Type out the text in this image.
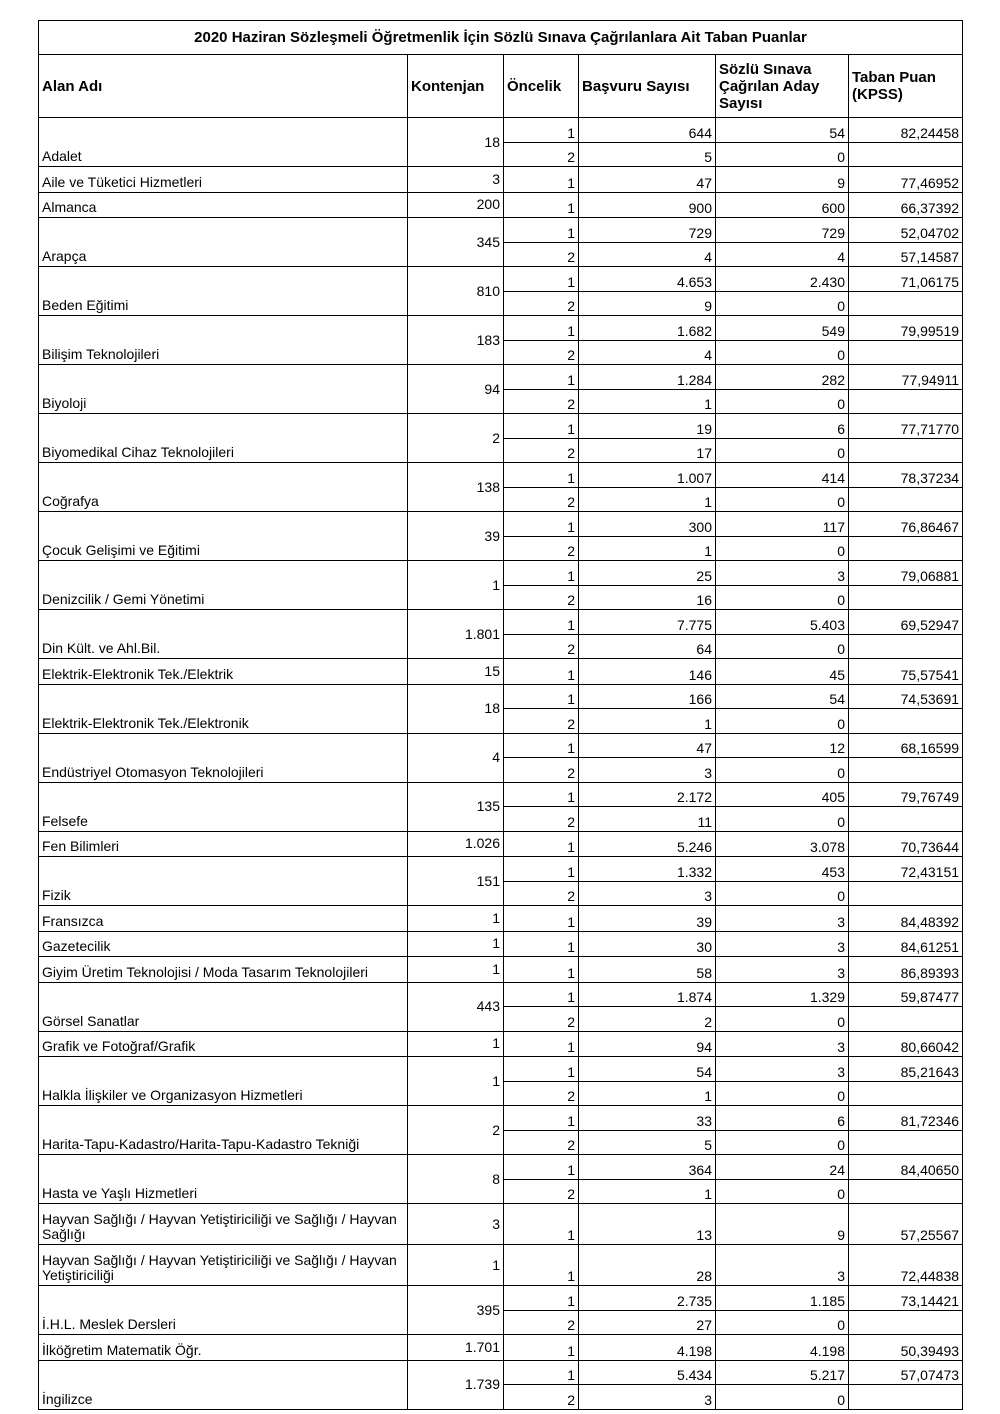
2020 Haziran Sözleşmeli Öğretmenlik İçin Sözlü Sınava Çağrılanlara Ait Taban Puanlar					
Alan Adı	Kontenjan	Öncelik	Başvuru Sayısı	Sözlü Sınava Çağrılan Aday Sayısı	Taban Puan (KPSS)
Adalet	18	1	644	54	82,24458
		2	5	0	
Aile ve Tüketici Hizmetleri	3	1	47	9	77,46952
Almanca	200	1	900	600	66,37392
Arapça	345	1	729	729	52,04702
		2	4	4	57,14587
Beden Eğitimi	810	1	4.653	2.430	71,06175
		2	9	0	
Bilişim Teknolojileri	183	1	1.682	549	79,99519
		2	4	0	
Biyoloji	94	1	1.284	282	77,94911
		2	1	0	
Biyomedikal Cihaz Teknolojileri	2	1	19	6	77,71770
		2	17	0	
Coğrafya	138	1	1.007	414	78,37234
		2	1	0	
Çocuk Gelişimi ve Eğitimi	39	1	300	117	76,86467
		2	1	0	
Denizcilik / Gemi Yönetimi	1	1	25	3	79,06881
		2	16	0	
Din Kült. ve Ahl.Bil.	1.801	1	7.775	5.403	69,52947
		2	64	0	
Elektrik-Elektronik Tek./Elektrik	15	1	146	45	75,57541
Elektrik-Elektronik Tek./Elektronik	18	1	166	54	74,53691
		2	1	0	
Endüstriyel Otomasyon Teknolojileri	4	1	47	12	68,16599
		2	3	0	
Felsefe	135	1	2.172	405	79,76749
		2	11	0	
Fen Bilimleri	1.026	1	5.246	3.078	70,73644
Fizik	151	1	1.332	453	72,43151
		2	3	0	
Fransızca	1	1	39	3	84,48392
Gazetecilik	1	1	30	3	84,61251
Giyim Üretim Teknolojisi / Moda Tasarım Teknolojileri	1	1	58	3	86,89393
Görsel Sanatlar	443	1	1.874	1.329	59,87477
		2	2	0	
Grafik ve Fotoğraf/Grafik	1	1	94	3	80,66042
Halkla İlişkiler ve Organizasyon Hizmetleri	1	1	54	3	85,21643
		2	1	0	
Harita-Tapu-Kadastro/Harita-Tapu-Kadastro Tekniği	2	1	33	6	81,72346
		2	5	0	
Hasta ve Yaşlı Hizmetleri	8	1	364	24	84,40650
		2	1	0	
Hayvan Sağlığı / Hayvan Yetiştiriciliği ve Sağlığı / Hayvan Sağlığı	3	1	13	9	57,25567
Hayvan Sağlığı / Hayvan Yetiştiriciliği ve Sağlığı / Hayvan Yetiştiriciliği	1	1	28	3	72,44838
İ.H.L. Meslek Dersleri	395	1	2.735	1.185	73,14421
		2	27	0	
İlköğretim Matematik Öğr.	1.701	1	4.198	4.198	50,39493
İngilizce	1.739	1	5.434	5.217	57,07473
		2	3	0	
